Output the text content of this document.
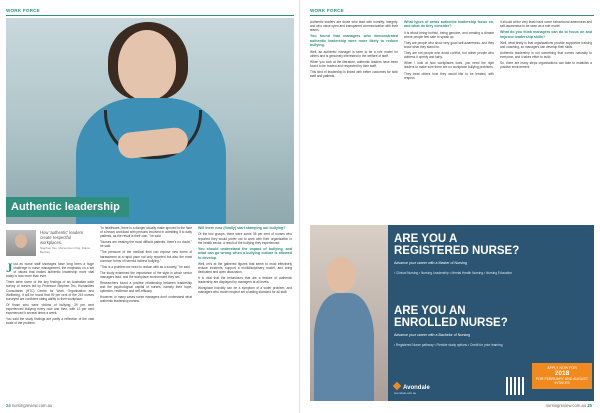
WORK FORCE
Authentic leadership
How 'authentic' leaders create respectful workplaces.
Stephen Teo, Mervermen Ong, Diana Bentley

Just as nurse staff shortages have long been a huge challenge in nurse management, the emphasis on a set of values that makes authentic leadership more vital today is now more than ever.

There were some of the key findings of an Australian wide survey of nurses led by Professor Stephen Teo, Humanities Consultants (HTC) Centre for Work, Organisation and Wellbeing. It will be found that 99 per cent of the 219 nurses surveyed are confident rating ability to their workplace.

Of those who were victims of bullying, 39 per cent experienced bullying every now and then, with 12 per cent experienced it several times a week.

You said the study findings are partly a reflection of the vast scale of the problem.

"In healthcare, there is a danger usually make ignored in the face of a heavy workload with persons involved in admitting it to daily patients, as the result is their own," he said.

"Nurses are treating the most difficult patients, there's no doubt," he said.

"The pressure of the medical field can expose new forms of harassment at a rapid pace not only reported but also the most common forms of harmful indirect bullying."

"This is a problem we need to reckon with as a society," he said.

The study examined the importance of the style in which senior managers lead, and the workplace environment they set.

Researchers found a positive relationship between leadership and the psychological capital of nurses, namely their hope, optimism, resilience and self-efficacy.

However, in many cases nurse managers don't understand what authentic leadership means.

Will there now (finally) start stamping out bullying?

Of the two groups, there were some 38 per cent of nurses who reported they would prefer not to work with their organisation in the health sector, a result of the bullying they experienced.

You should understand the impact of bullying, and what can go wrong when a bullying culture is allowed to develop.

Well, let's at the gathered figures that seem to most effectively reduce incidents, support a multidisciplinary model, and bring dedicated and open discussion.

It is vital that the behaviours that are a feature of authentic leadership are displayed by managers at all levels.

Workplace incivility can be a symptom of a wider problem, and managers who model respect set a lasting standard for all staff.

24 nursingreview.com.au
WORK FORCE

Authentic leaders are those who lead with humility, integrity, and who value open and transparent communication with their teams.

You found that managers who demonstrated authentic leadership were more likely to reduce bullying.

Well, an authentic manager is seen to be a role model for others and is genuinely interested in the welfare of staff.

When you look at the literature, authentic leaders have been found to be trusted and respected by their staff.

This kind of leadership is linked with better outcomes for both staff and patients.

What types of areas authentic leadership focus on, and what do they consider?

It is about being truthful, being genuine, and creating a climate where people feel safe to speak up.

They are people who show very good self-awareness, and they know what they stand for.

They are not people who avoid conflict, but rather people who address it openly and fairly.

When I look at how workplaces work, you need the right leaders to make sure there are no workplace bullying problems.

They treat others how they would like to be treated, with respect.

It should at the very least have some behavioural awareness and self-awareness to be seen as a role model.

What do you think managers can do to focus on and improve leadership skills?

Well, what firstly is that organisations provide supportive training and coaching, so managers can develop their skills.

Authentic leadership is not something that comes naturally to everyone, and it takes effort to build.

So, there are many steps organisations can take to establish a positive environment.

ARE YOU A
REGISTERED NURSE?
Advance your career with a Master of Nursing
• Clinical Nursing • Nursing Leadership • Mental Health Nursing • Nursing Education
ARE YOU AN
ENROLLED NURSE?
Advance your career with a Bachelor of Nursing
• Registered Nurse pathway • Flexible study options • Credit for prior learning
APPLY NOW FOR
2018
FOR FEBRUARY AND AUGUST INTAKES
Avondale
avondale.edu.au
nursingreview.com.au 25
